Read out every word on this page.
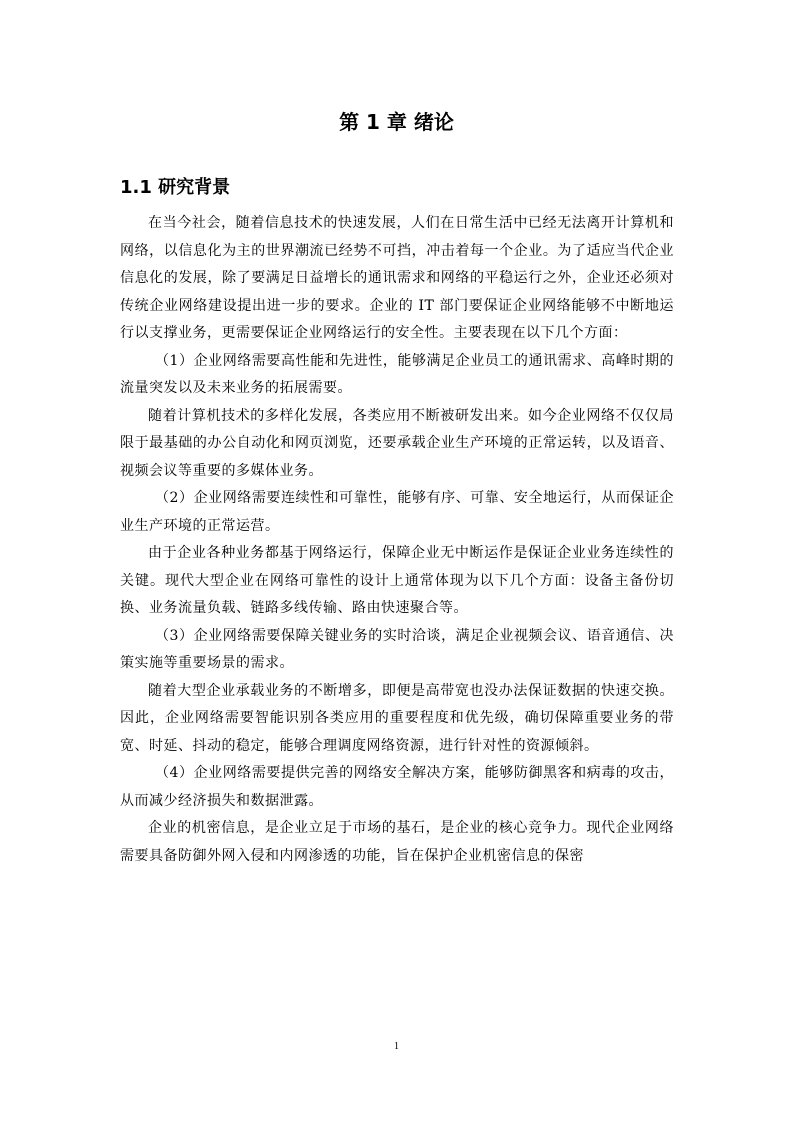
第 1 章 绪论
1.1 研究背景

在当今社会，随着信息技术的快速发展，人们在日常生活中已经无法离开计算机和网络，以信息化为主的世界潮流已经势不可挡，冲击着每一个企业。为了适应当代企业信息化的发展，除了要满足日益增长的通讯需求和网络的平稳运行之外，企业还必须对传统企业网络建设提出进一步的要求。企业的 IT 部门要保证企业网络能够不中断地运行以支撑业务，更需要保证企业网络运行的安全性。主要表现在以下几个方面：

（1）企业网络需要高性能和先进性，能够满足企业员工的通讯需求、高峰时期的流量突发以及未来业务的拓展需要。

随着计算机技术的多样化发展，各类应用不断被研发出来。如今企业网络不仅仅局限于最基础的办公自动化和网页浏览，还要承载企业生产环境的正常运转，以及语音、视频会议等重要的多媒体业务。

（2）企业网络需要连续性和可靠性，能够有序、可靠、安全地运行，从而保证企业生产环境的正常运营。

由于企业各种业务都基于网络运行，保障企业无中断运作是保证企业业务连续性的关键。现代大型企业在网络可靠性的设计上通常体现为以下几个方面：设备主备份切换、业务流量负载、链路多线传输、路由快速聚合等。

（3）企业网络需要保障关键业务的实时洽谈，满足企业视频会议、语音通信、决策实施等重要场景的需求。

随着大型企业承载业务的不断增多，即便是高带宽也没办法保证数据的快速交换。因此，企业网络需要智能识别各类应用的重要程度和优先级，确切保障重要业务的带宽、时延、抖动的稳定，能够合理调度网络资源，进行针对性的资源倾斜。

（4）企业网络需要提供完善的网络安全解决方案，能够防御黑客和病毒的攻击，从而减少经济损失和数据泄露。

企业的机密信息，是企业立足于市场的基石，是企业的核心竞争力。现代企业网络需要具备防御外网入侵和内网渗透的功能，旨在保护企业机密信息的保密

1
